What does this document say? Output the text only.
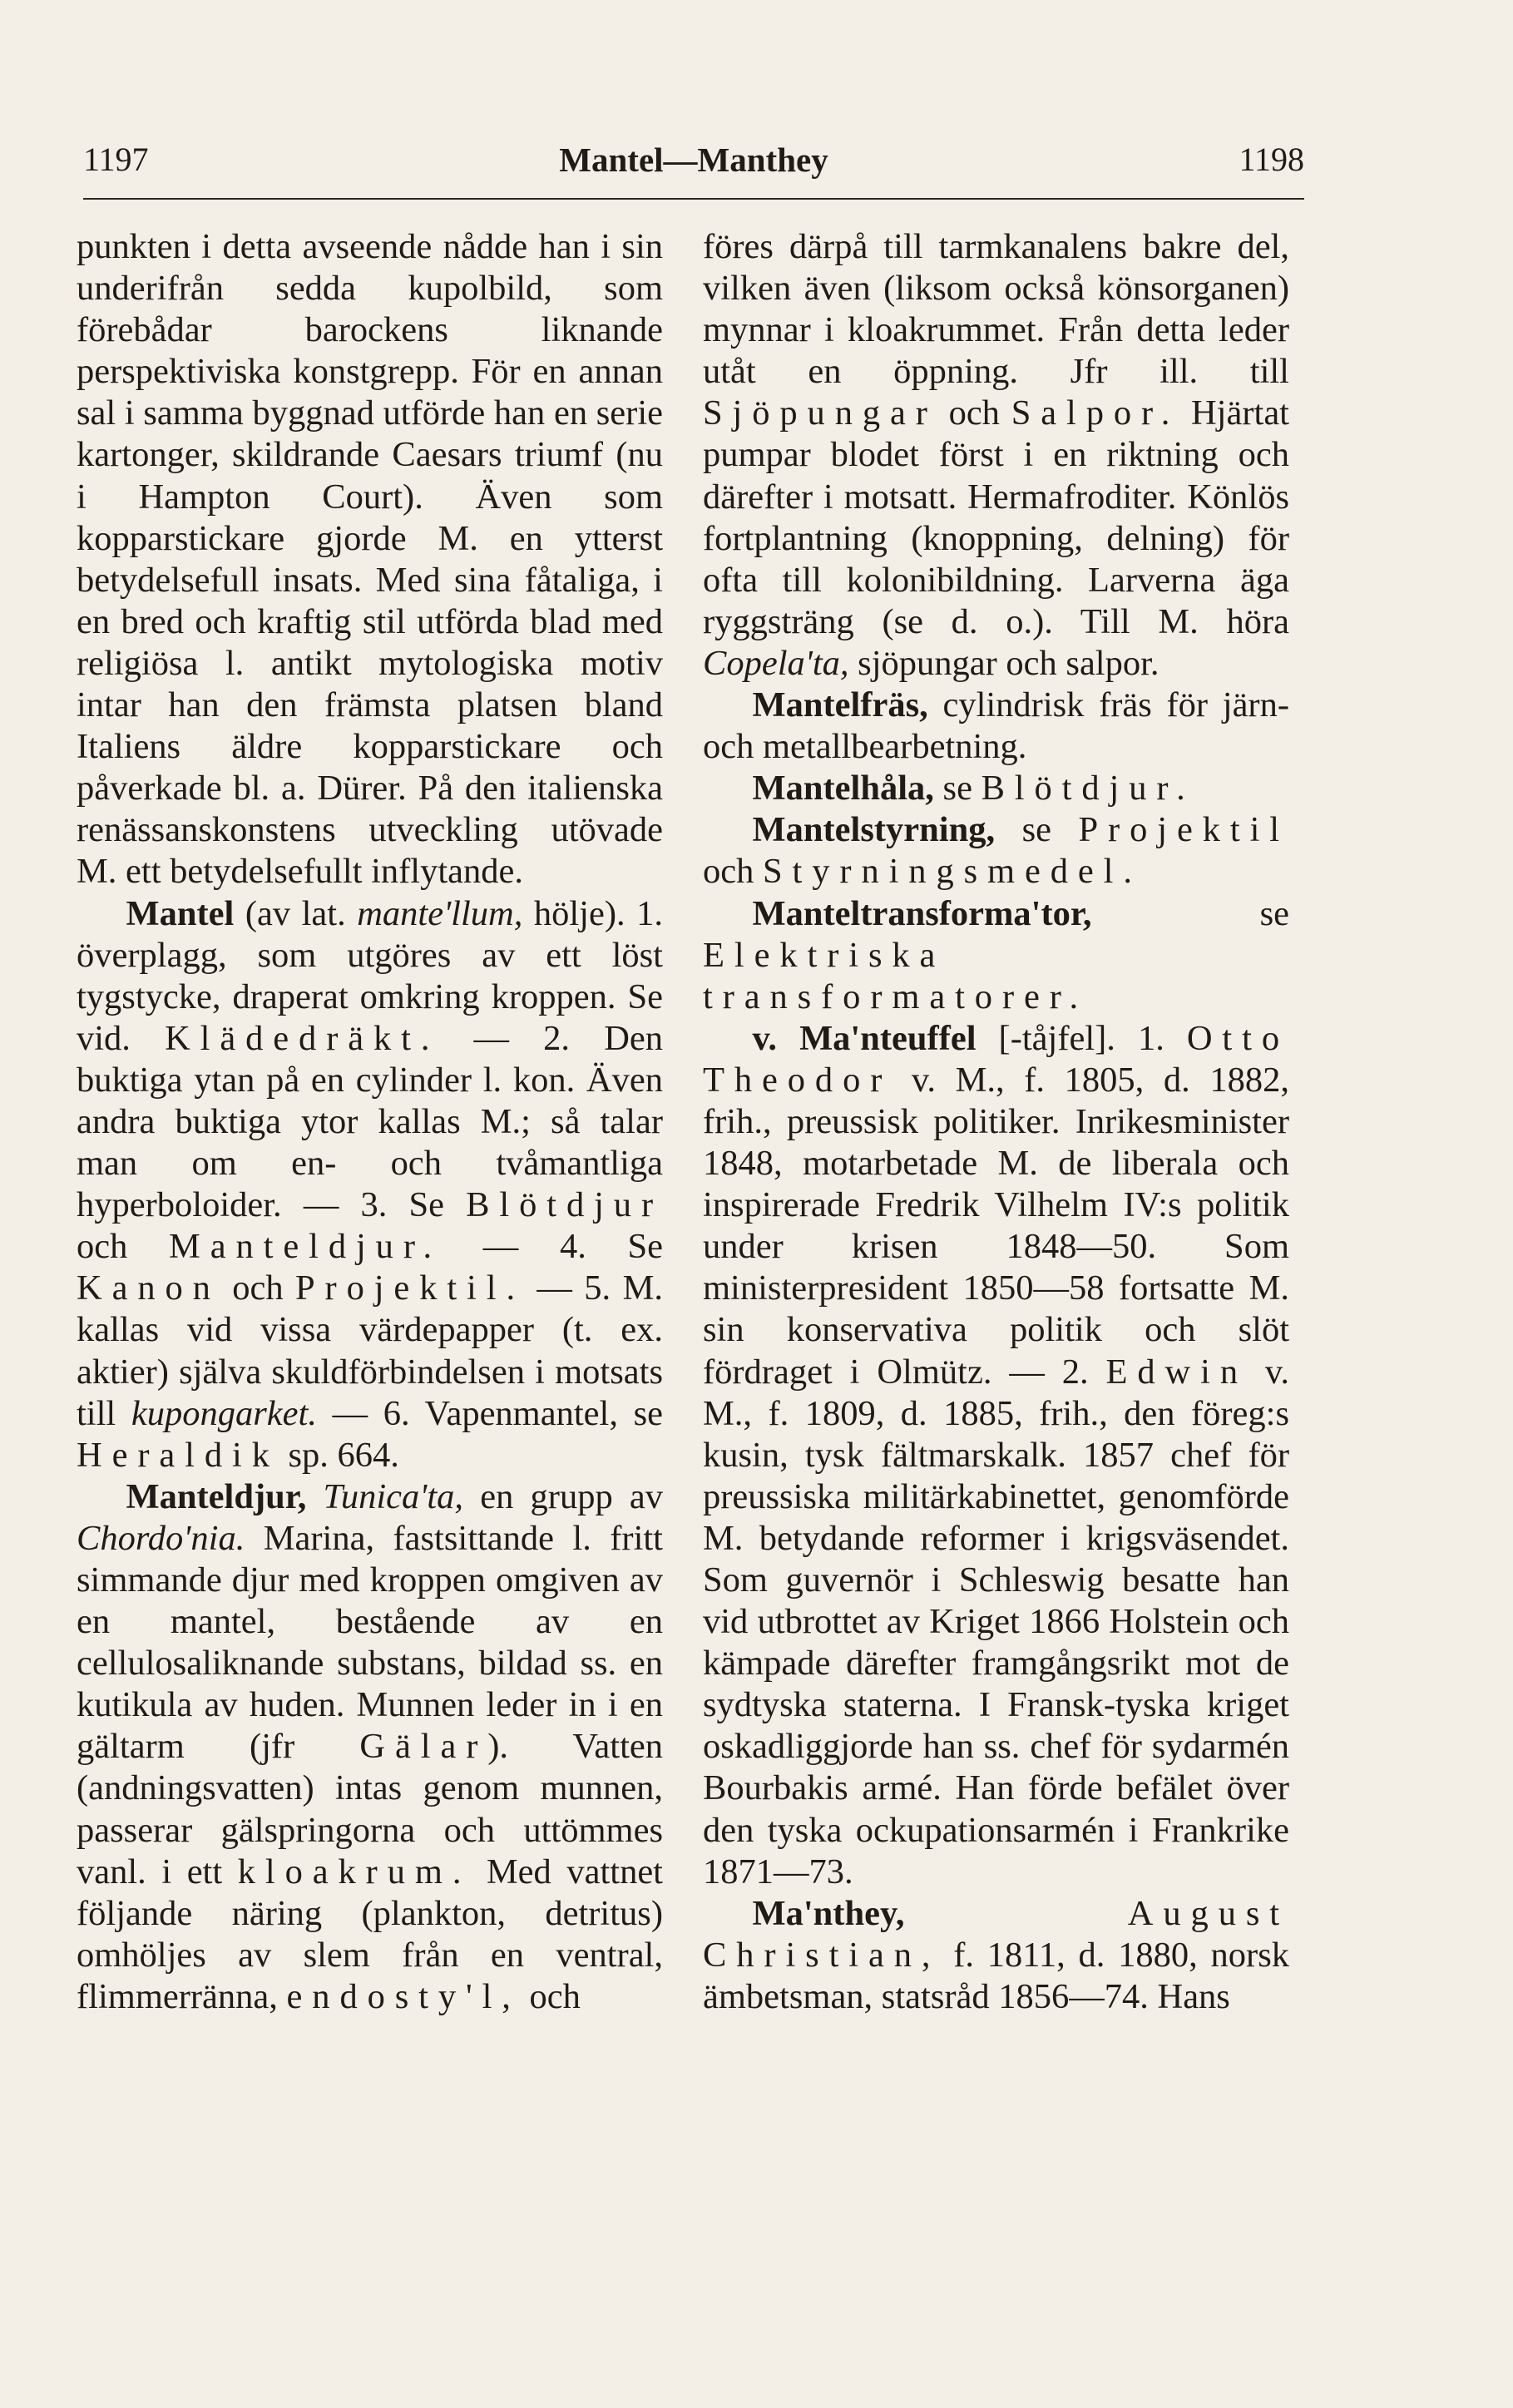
1197	Mantel—Manthey	1198

punkten i detta avseende nådde han i sin underifrån sedda kupolbild, som förebådar barockens liknande perspektiviska konstgrepp. För en annan sal i samma byggnad utförde han en serie kartonger, skildrande Caesars triumf (nu i Hampton Court). Även som kopparstickare gjorde M. en ytterst betydelsefull insats. Med sina fåtaliga, i en bred och kraftig stil utförda blad med religiösa l. antikt mytologiska motiv intar han den främsta platsen bland Italiens äldre kopparstickare och påverkade bl. a. Dürer. På den italienska renässanskonstens utveckling utövade M. ett betydelsefullt inflytande.

Mantel (av lat. mante'llum, hölje). 1. överplagg, som utgöres av ett löst tygstycke, draperat omkring kroppen. Se vid. Klädedräkt. — 2. Den buktiga ytan på en cylinder l. kon. Även andra buktiga ytor kallas M.; så talar man om en- och tvåmantliga hyperboloider. — 3. Se Blötdjur och Manteldjur. — 4. Se Kanon och Projektil. — 5. M. kallas vid vissa värdepapper (t. ex. aktier) själva skuldförbindelsen i motsats till kupongarket. — 6. Vapenmantel, se Heraldik sp. 664.

Manteldjur, Tunica'ta, en grupp av Chordo'nia. Marina, fastsittande l. fritt simmande djur med kroppen omgiven av en mantel, bestående av en cellulosaliknande substans, bildad ss. en kutikula av huden. Munnen leder in i en gältarm (jfr Gälar). Vatten (andningsvatten) intas genom munnen, passerar gälspringorna och uttömmes vanl. i ett kloakrum. Med vattnet följande näring (plankton, detritus) omhöljes av slem från en ventral, flimmerränna, endosty'l, och

föres därpå till tarmkanalens bakre del, vilken även (liksom också könsorganen) mynnar i kloakrummet. Från detta leder utåt en öppning. Jfr ill. till Sjöpungar och Salpor. Hjärtat pumpar blodet först i en riktning och därefter i motsatt. Hermafroditer. Könlös fortplantning (knoppning, delning) för ofta till kolonibildning. Larverna äga ryggsträng (se d. o.). Till M. höra Copela'ta, sjöpungar och salpor.

Mantelfräs, cylindrisk fräs för järn- och metallbearbetning.

Mantelhåla, se Blötdjur.

Mantelstyrning, se Projektil och Styrningsmedel.

Manteltransforma'tor, se Elektriska transformatorer.

v. Ma'nteuffel [-tåjfel]. 1. Otto Theodor v. M., f. 1805, d. 1882, frih., preussisk politiker. Inrikesminister 1848, motarbetade M. de liberala och inspirerade Fredrik Vilhelm IV:s politik under krisen 1848—50. Som ministerpresident 1850—58 fortsatte M. sin konservativa politik och slöt fördraget i Olmütz. — 2. Edwin v. M., f. 1809, d. 1885, frih., den föreg:s kusin, tysk fältmarskalk. 1857 chef för preussiska militärkabinettet, genomförde M. betydande reformer i krigsväsendet. Som guvernör i Schleswig besatte han vid utbrottet av Kriget 1866 Holstein och kämpade därefter framgångsrikt mot de sydtyska staterna. I Fransk-tyska kriget oskadliggjorde han ss. chef för sydarmén Bourbakis armé. Han förde befälet över den tyska ockupationsarmén i Frankrike 1871—73.

Ma'nthey,	August Christian, f. 1811, d. 1880, norsk ämbetsman, statsråd 1856—74. Hans
